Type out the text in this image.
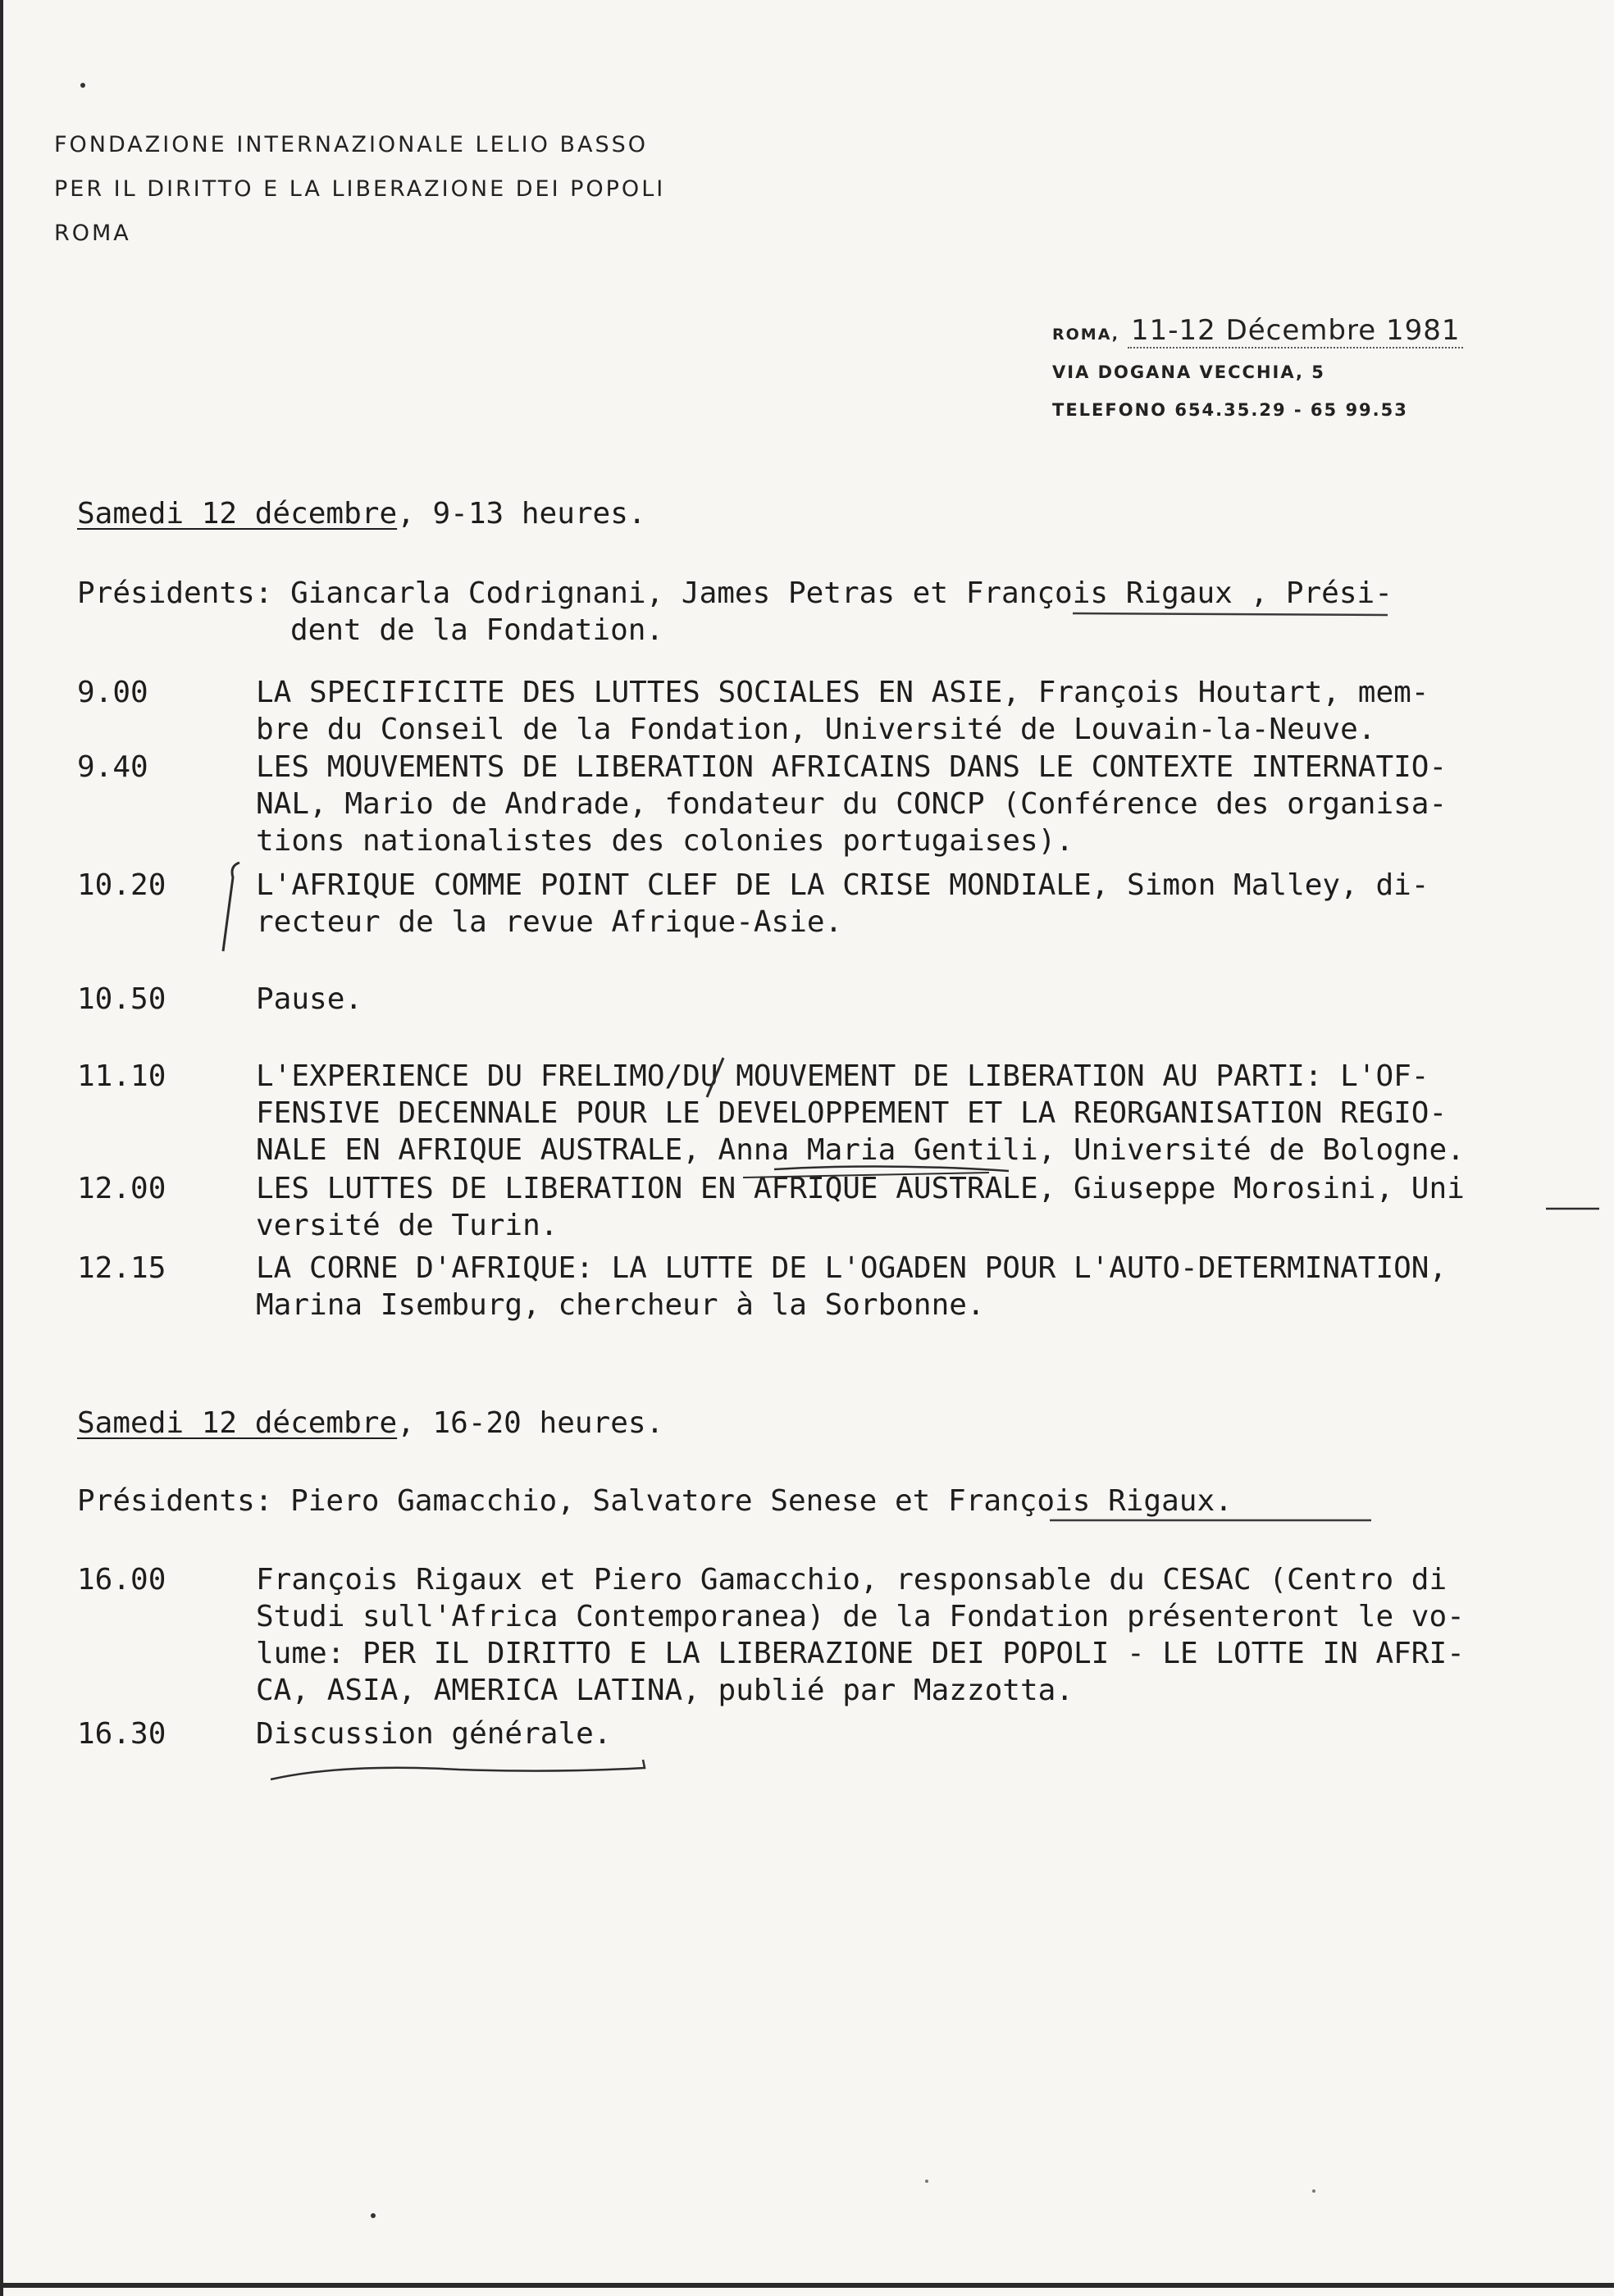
FONDAZIONE INTERNAZIONALE LELIO BASSO
PER IL DIRITTO E LA LIBERAZIONE DEI POPOLI
ROMA
ROMA, 11-12 Décembre 1981
VIA DOGANA VECCHIA, 5
TELEFONO 654.35.29 - 65 99.53
Samedi 12 décembre, 9-13 heures.
Présidents: Giancarla Codrignani, James Petras et François Rigaux , Prési-
dent de la Fondation.
9.00	LA SPECIFICITE DES LUTTES SOCIALES EN ASIE, François Houtart, mem-
bre du Conseil de la Fondation, Université de Louvain-la-Neuve.
9.40	LES MOUVEMENTS DE LIBERATION AFRICAINS DANS LE CONTEXTE INTERNATIO-
NAL, Mario de Andrade, fondateur du CONCP (Conférence des organisa-
tions nationalistes des colonies portugaises).
10.20	L'AFRIQUE COMME POINT CLEF DE LA CRISE MONDIALE, Simon Malley, di-
recteur de la revue Afrique-Asie.
10.50	Pause.
11.10	L'EXPERIENCE DU FRELIMO/DU MOUVEMENT DE LIBERATION AU PARTI: L'OF-
FENSIVE DECENNALE POUR LE DEVELOPPEMENT ET LA REORGANISATION REGIO-
NALE EN AFRIQUE AUSTRALE, Anna Maria Gentili, Université de Bologne.
12.00	LES LUTTES DE LIBERATION EN AFRIQUE AUSTRALE, Giuseppe Morosini, Uni
versité de Turin.
12.15	LA CORNE D'AFRIQUE: LA LUTTE DE L'OGADEN POUR L'AUTO-DETERMINATION,
Marina Isemburg, chercheur à la Sorbonne.
Samedi 12 décembre, 16-20 heures.
Présidents: Piero Gamacchio, Salvatore Senese et François Rigaux.
16.00	François Rigaux et Piero Gamacchio, responsable du CESAC (Centro di
Studi sull'Africa Contemporanea) de la Fondation présenteront le vo-
lume: PER IL DIRITTO E LA LIBERAZIONE DEI POPOLI - LE LOTTE IN AFRI-
CA, ASIA, AMERICA LATINA, publié par Mazzotta.
16.30	Discussion générale.
